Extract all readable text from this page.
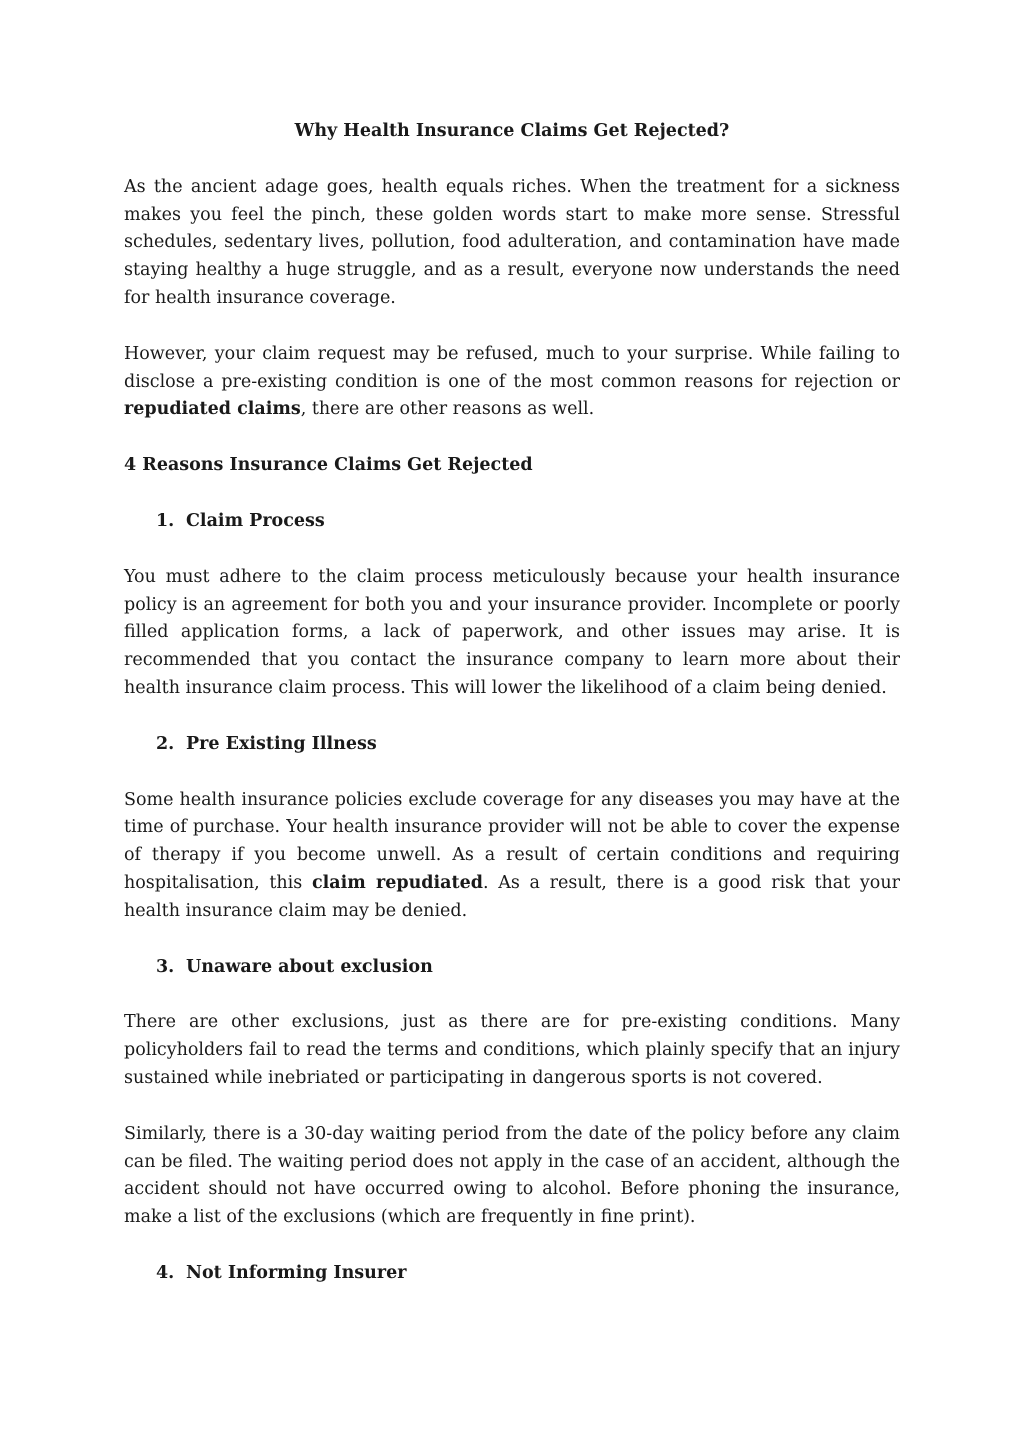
Why Health Insurance Claims Get Rejected?

As the ancient adage goes, health equals riches. When the treatment for a sickness makes you feel the pinch, these golden words start to make more sense. Stressful schedules, sedentary lives, pollution, food adulteration, and contamination have made staying healthy a huge struggle, and as a result, everyone now understands the need for health insurance coverage.

However, your claim request may be refused, much to your surprise. While failing to disclose a pre-existing condition is one of the most common reasons for rejection or repudiated claims, there are other reasons as well.

4 Reasons Insurance Claims Get Rejected
1. Claim Process

You must adhere to the claim process meticulously because your health insurance policy is an agreement for both you and your insurance provider. Incomplete or poorly filled application forms, a lack of paperwork, and other issues may arise. It is recommended that you contact the insurance company to learn more about their health insurance claim process. This will lower the likelihood of a claim being denied.

2. Pre Existing Illness

Some health insurance policies exclude coverage for any diseases you may have at the time of purchase. Your health insurance provider will not be able to cover the expense of therapy if you become unwell. As a result of certain conditions and requiring hospitalisation, this claim repudiated. As a result, there is a good risk that your health insurance claim may be denied.

3. Unaware about exclusion

There are other exclusions, just as there are for pre-existing conditions. Many policyholders fail to read the terms and conditions, which plainly specify that an injury sustained while inebriated or participating in dangerous sports is not covered.

Similarly, there is a 30-day waiting period from the date of the policy before any claim can be filed. The waiting period does not apply in the case of an accident, although the accident should not have occurred owing to alcohol. Before phoning the insurance, make a list of the exclusions (which are frequently in fine print).

4. Not Informing Insurer
